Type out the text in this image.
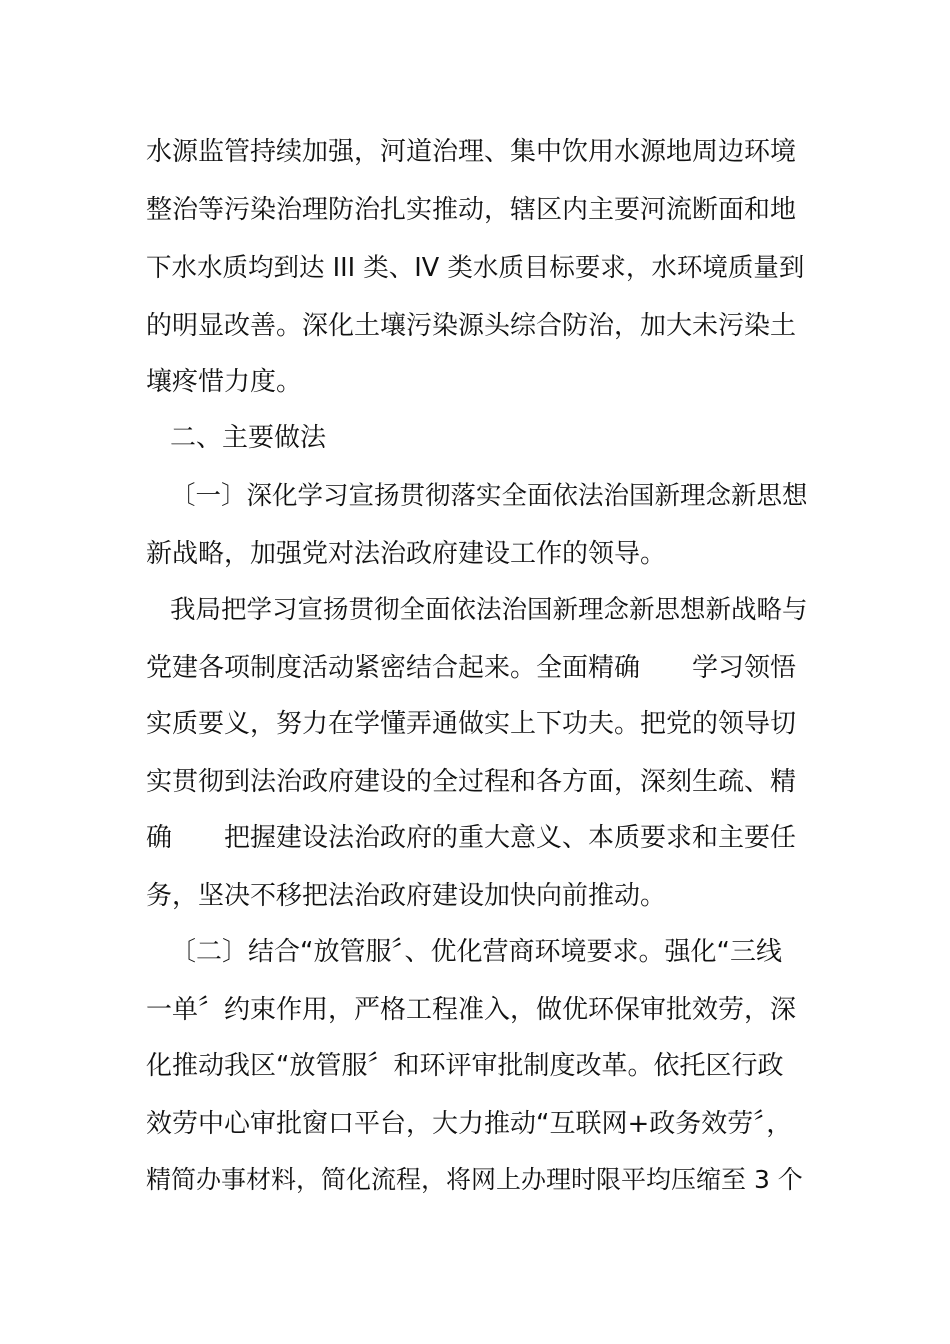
水源监管持续加强，河道治理、集中饮用水源地周边环境
整治等污染治理防治扎实推动，辖区内主要河流断面和地
下水水质均到达 III 类、IV 类水质目标要求，水环境质量到
的明显改善。深化土壤污染源头综合防治，加大未污染土
壤疼惜力度。
二、主要做法
〔一〕深化学习宣扬贯彻落实全面依法治国新理念新思想
新战略，加强党对法治政府建设工作的领导。
我局把学习宣扬贯彻全面依法治国新理念新思想新战略与
党建各项制度活动紧密结合起来。全面精确　　学习领悟
实质要义，努力在学懂弄通做实上下功夫。把党的领导切
实贯彻到法治政府建设的全过程和各方面，深刻生疏、精
确　　把握建设法治政府的重大意义、本质要求和主要任
务，坚决不移把法治政府建设加快向前推动。
〔二〕结合“放管服〞、优化营商环境要求。强化“三线
一单〞约束作用，严格工程准入，做优环保审批效劳，深
化推动我区“放管服〞和环评审批制度改革。依托区行政
效劳中心审批窗口平台，大力推动“互联网+政务效劳〞，
精简办事材料，简化流程，将网上办理时限平均压缩至 3 个
